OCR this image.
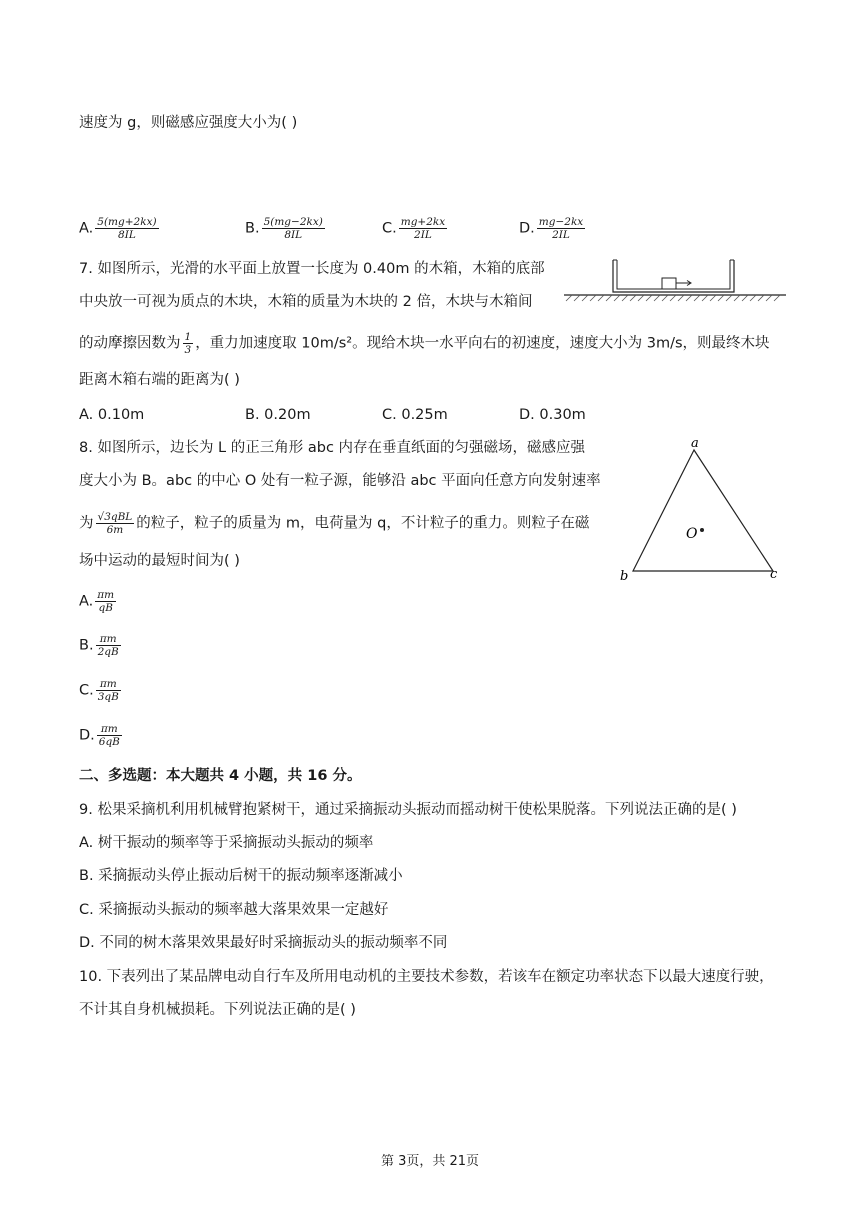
速度为 g，则磁感应强度大小为( )
A. $\frac{5(mg+2kx)}{8IL}$	B. $\frac{5(mg-2kx)}{8IL}$	C. $\frac{mg+2kx}{2IL}$	D. $\frac{mg-2kx}{2IL}$
7. 如图所示，光滑的水平面上放置一长度为 0.40m 的木箱，木箱的底部
中央放一可视为质点的木块，木箱的质量为木块的 2 倍，木块与木箱间
的动摩擦因数为 $\frac{1}{3}$ ，重力加速度取 10m/s²。现给木块一水平向右的初速度，速度大小为 3m/s，则最终木块
距离木箱右端的距离为( )
A. 0.10m	B. 0.20m	C. 0.25m	D. 0.30m
8. 如图所示，边长为 L 的正三角形 abc 内存在垂直纸面的匀强磁场，磁感应强
度大小为 B。abc 的中心 O 处有一粒子源，能够沿 abc 平面向任意方向发射速率
为 $\frac{\text{√3qBL}}{6m}$ 的粒子，粒子的质量为 m，电荷量为 q，不计粒子的重力。则粒子在磁
场中运动的最短时间为( )
a
b	c
O
A. $\frac{\pi m}{qB}$
B. $\frac{\pi m}{2qB}$
C. $\frac{\pi m}{3qB}$
D. $\frac{\pi m}{6qB}$
二、多选题：本大题共 4 小题，共 16 分。
9. 松果采摘机利用机械臂抱紧树干，通过采摘振动头振动而摇动树干使松果脱落。下列说法正确的是( )
A. 树干振动的频率等于采摘振动头振动的频率
B. 采摘振动头停止振动后树干的振动频率逐渐减小
C. 采摘振动头振动的频率越大落果效果一定越好
D. 不同的树木落果效果最好时采摘振动头的振动频率不同
10. 下表列出了某品牌电动自行车及所用电动机的主要技术参数，若该车在额定功率状态下以最大速度行驶，
不计其自身机械损耗。下列说法正确的是( )
第 3页，共 21页
